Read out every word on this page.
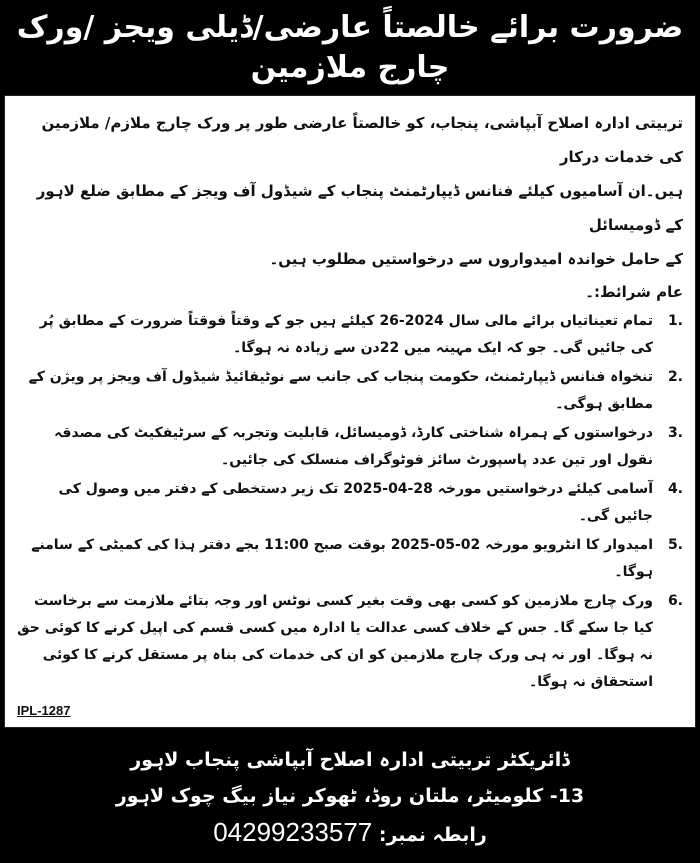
ضرورت برائے خالصتاً عارضی/ڈیلی ویجز /ورک چارج ملازمین
تربیتی ادارہ اصلاح آبپاشی، پنجاب، کو خالصتاً عارضی طور پر ورک چارج ملازم/ ملازمین کی خدمات درکار
ہیں۔ان آسامیوں کیلئے فنانس ڈیپارٹمنٹ پنجاب کے شیڈول آف ویجز کے مطابق ضلع لاہور کے ڈومیسائل
کے حامل خواندہ امیدواروں سے درخواستیں مطلوب ہیں۔
عام شرائط:۔
1.
تمام تعیناتیاں برائے مالی سال 2024-26 کیلئے ہیں جو کے وقتاً فوقتاً ضرورت کے مطابق پُر کی جائیں گی۔ جو کہ ایک مہینہ میں 22دن سے زیادہ نہ ہوگا۔
2.
تنخواہ فنانس ڈیپارٹمنٹ، حکومت پنجاب کی جانب سے نوٹیفائیڈ شیڈول آف ویجز پر ویژن کے مطابق ہوگی۔
3.
درخواستوں کے ہمراہ شناختی کارڈ، ڈومیسائل، قابلیت وتجربہ کے سرٹیفکیٹ کی مصدقہ نقول اور تین عدد پاسپورٹ سائز فوٹوگراف منسلک کی جائیں۔
4.
آسامی کیلئے درخواستیں مورخہ 28-04-2025 تک زیر دستخطی کے دفتر میں وصول کی جائیں گی۔
5.
امیدوار کا انٹرویو مورخہ 02-05-2025 بوقت صبح 11:00 بجے دفتر ہذا کی کمیٹی کے سامنے ہوگا۔
6.
ورک چارج ملازمین کو کسی بھی وقت بغیر کسی نوٹس اور وجہ بتائے ملازمت سے برخاست کیا جا سکے گا۔ جس کے خلاف کسی عدالت یا ادارہ میں کسی قسم کی اپیل کرنے کا کوئی حق نہ ہوگا۔ اور نہ ہی ورک چارج ملازمین کو ان کی خدمات کی بناہ پر مستقل کرنے کا کوئی استحقاق نہ ہوگا۔
IPL-1287
ڈائریکٹر تربیتی ادارہ اصلاح آبپاشی پنجاب لاہور
13- کلومیٹر، ملتان روڈ، ٹھوکر نیاز بیگ چوک لاہور
رابطہ نمبر: 04299233577
